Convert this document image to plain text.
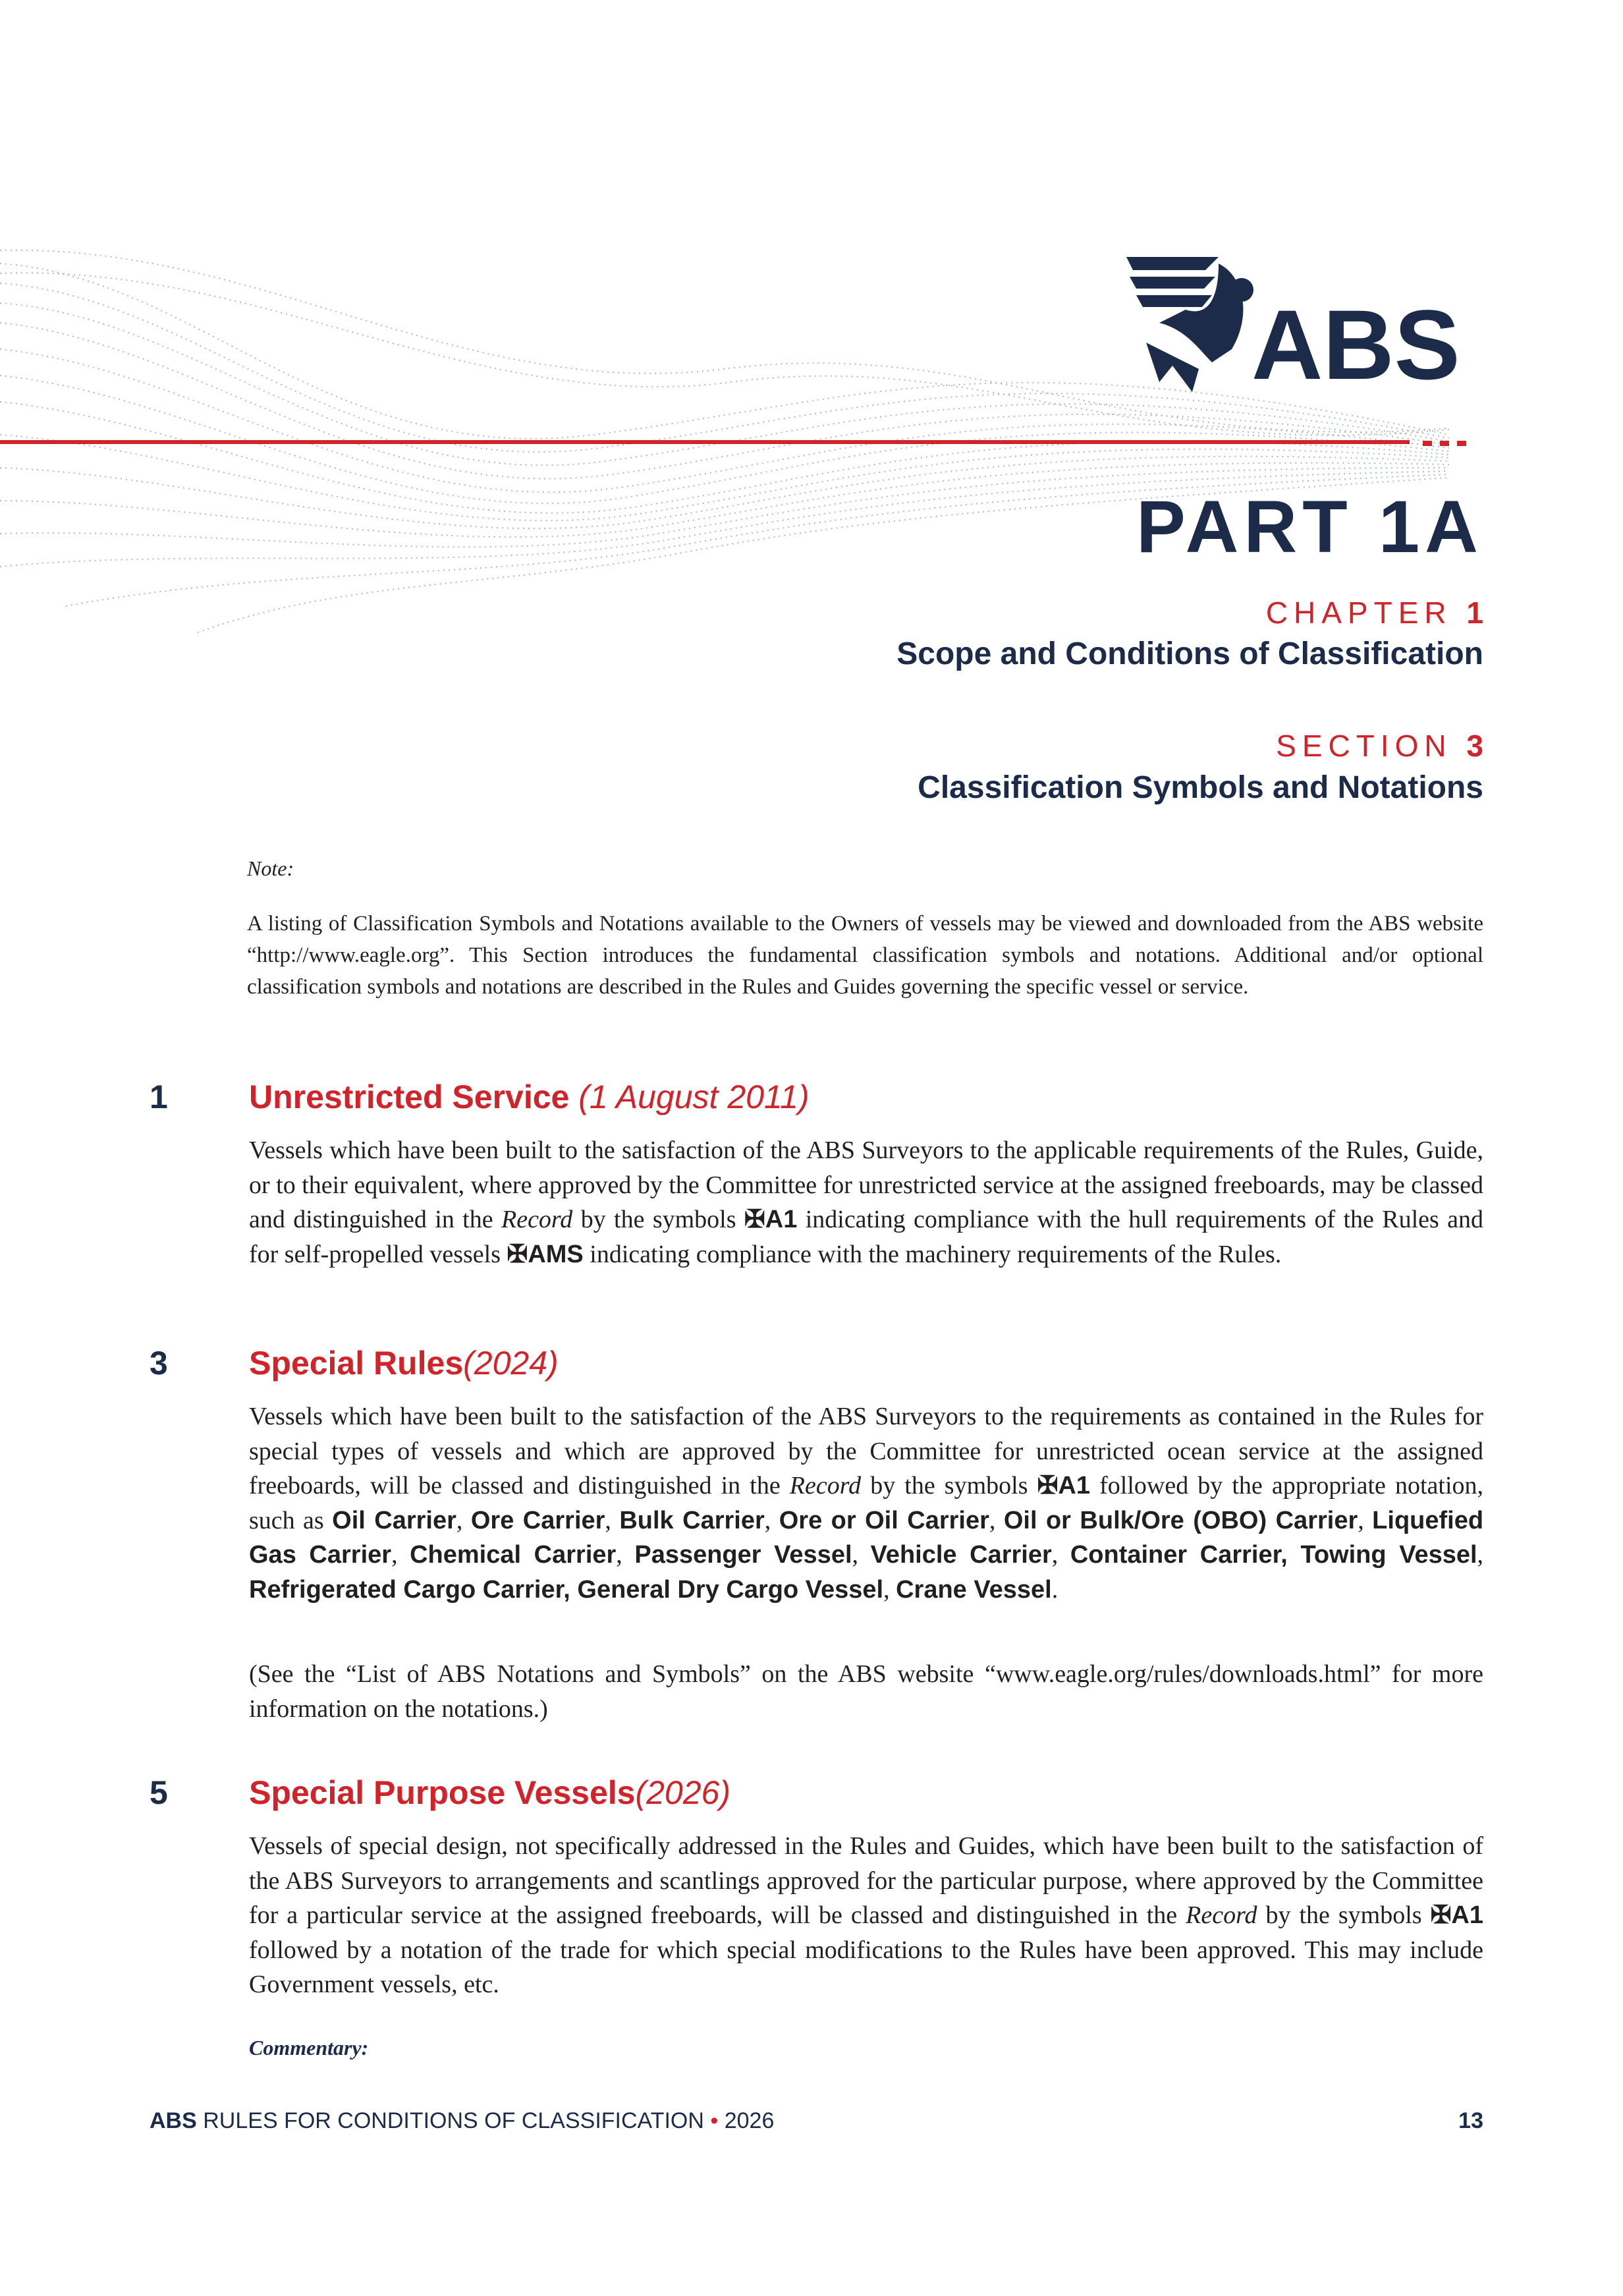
ABS
PART 1A
CHAPTER 1
Scope and Conditions of Classification
SECTION 3
Classification Symbols and Notations
Note:
A listing of Classification Symbols and Notations available to the Owners of vessels may be viewed and downloaded from the ABS website “http://www.eagle.org”. This Section introduces the fundamental classification symbols and notations. Additional and/or optional classification symbols and notations are described in the Rules and Guides governing the specific vessel or service.
1 Unrestricted Service (1 August 2011)
Vessels which have been built to the satisfaction of the ABS Surveyors to the applicable requirements of the Rules, Guide, or to their equivalent, where approved by the Committee for unrestricted service at the assigned freeboards, may be classed and distinguished in the Record by the symbols ✠A1 indicating compliance with the hull requirements of the Rules and for self-propelled vessels ✠AMS indicating compliance with the machinery requirements of the Rules.
3 Special Rules(2024)
Vessels which have been built to the satisfaction of the ABS Surveyors to the requirements as contained in the Rules for special types of vessels and which are approved by the Committee for unrestricted ocean service at the assigned freeboards, will be classed and distinguished in the Record by the symbols ✠A1 followed by the appropriate notation, such as Oil Carrier, Ore Carrier, Bulk Carrier, Ore or Oil Carrier, Oil or Bulk/Ore (OBO) Carrier, Liquefied Gas Carrier, Chemical Carrier, Passenger Vessel, Vehicle Carrier, Container Carrier, Towing Vessel, Refrigerated Cargo Carrier, General Dry Cargo Vessel, Crane Vessel.
(See the “List of ABS Notations and Symbols” on the ABS website “www.eagle.org/rules/downloads.html” for more information on the notations.)
5 Special Purpose Vessels(2026)
Vessels of special design, not specifically addressed in the Rules and Guides, which have been built to the satisfaction of the ABS Surveyors to arrangements and scantlings approved for the particular purpose, where approved by the Committee for a particular service at the assigned freeboards, will be classed and distinguished in the Record by the symbols ✠A1 followed by a notation of the trade for which special modifications to the Rules have been approved. This may include Government vessels, etc.
Commentary:
ABS RULES FOR CONDITIONS OF CLASSIFICATION • 2026	13
